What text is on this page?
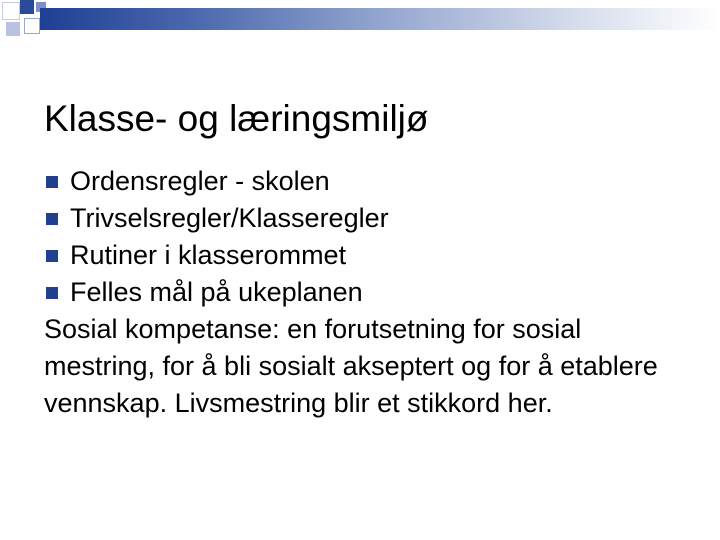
Klasse- og læringsmiljø
Ordensregler - skolen
Trivselsregler/Klasseregler
Rutiner i klasserommet
Felles mål på ukeplanen

Sosial kompetanse: en forutsetning for sosial mestring, for å bli sosialt akseptert og for å etablere vennskap. Livsmestring blir et stikkord her.
